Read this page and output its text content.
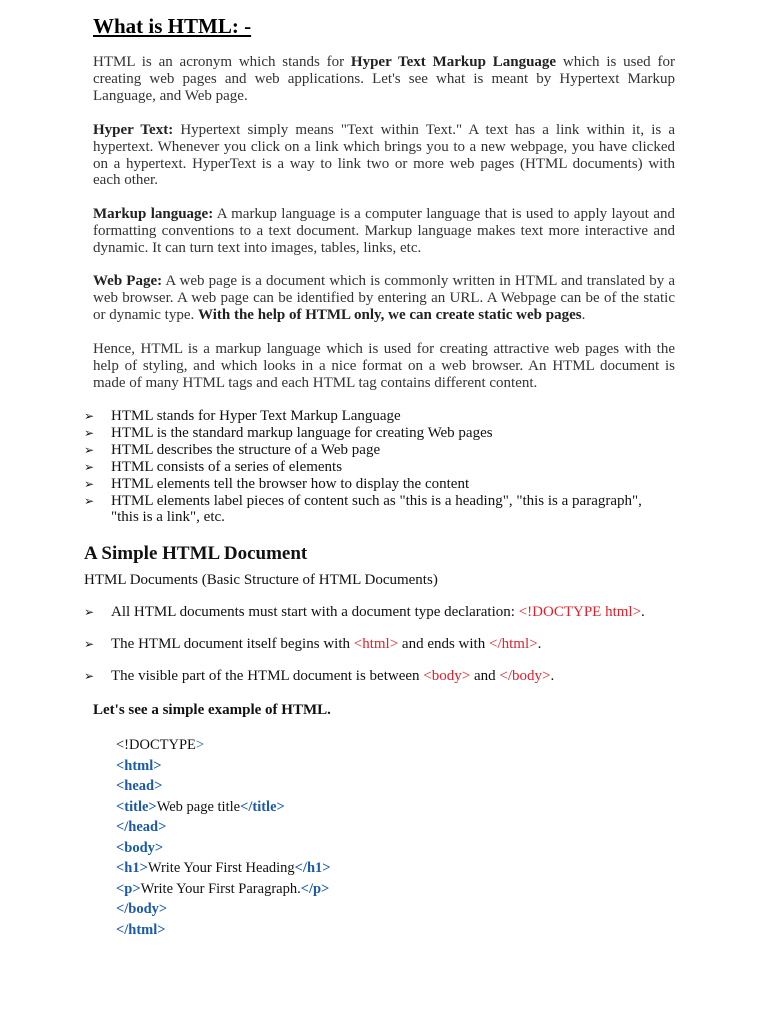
What is HTML: -

HTML is an acronym which stands for Hyper Text Markup Language which is used for creating web pages and web applications. Let's see what is meant by Hypertext Markup Language, and Web page.

Hyper Text: Hypertext simply means "Text within Text." A text has a link within it, is a hypertext. Whenever you click on a link which brings you to a new webpage, you have clicked on a hypertext. HyperText is a way to link two or more web pages (HTML documents) with each other.

Markup language: A markup language is a computer language that is used to apply layout and formatting conventions to a text document. Markup language makes text more interactive and dynamic. It can turn text into images, tables, links, etc.

Web Page: A web page is a document which is commonly written in HTML and translated by a web browser. A web page can be identified by entering an URL. A Webpage can be of the static or dynamic type. With the help of HTML only, we can create static web pages.

Hence, HTML is a markup language which is used for creating attractive web pages with the help of styling, and which looks in a nice format on a web browser. An HTML document is made of many HTML tags and each HTML tag contains different content.

➢ HTML stands for Hyper Text Markup Language
➢ HTML is the standard markup language for creating Web pages
➢ HTML describes the structure of a Web page
➢ HTML consists of a series of elements
➢ HTML elements tell the browser how to display the content
➢ HTML elements label pieces of content such as "this is a heading", "this is a paragraph", "this is a link", etc.
A Simple HTML Document
HTML Documents (Basic Structure of HTML Documents)
➢ All HTML documents must start with a document type declaration: <!DOCTYPE html>.
➢ The HTML document itself begins with <html> and ends with </html>.
➢ The visible part of the HTML document is between <body> and </body>.
Let's see a simple example of HTML.
<!DOCTYPE>
<html>
<head>
<title>Web page title</title>
</head>
<body>
<h1>Write Your First Heading</h1>
<p>Write Your First Paragraph.</p>
</body>
</html>
